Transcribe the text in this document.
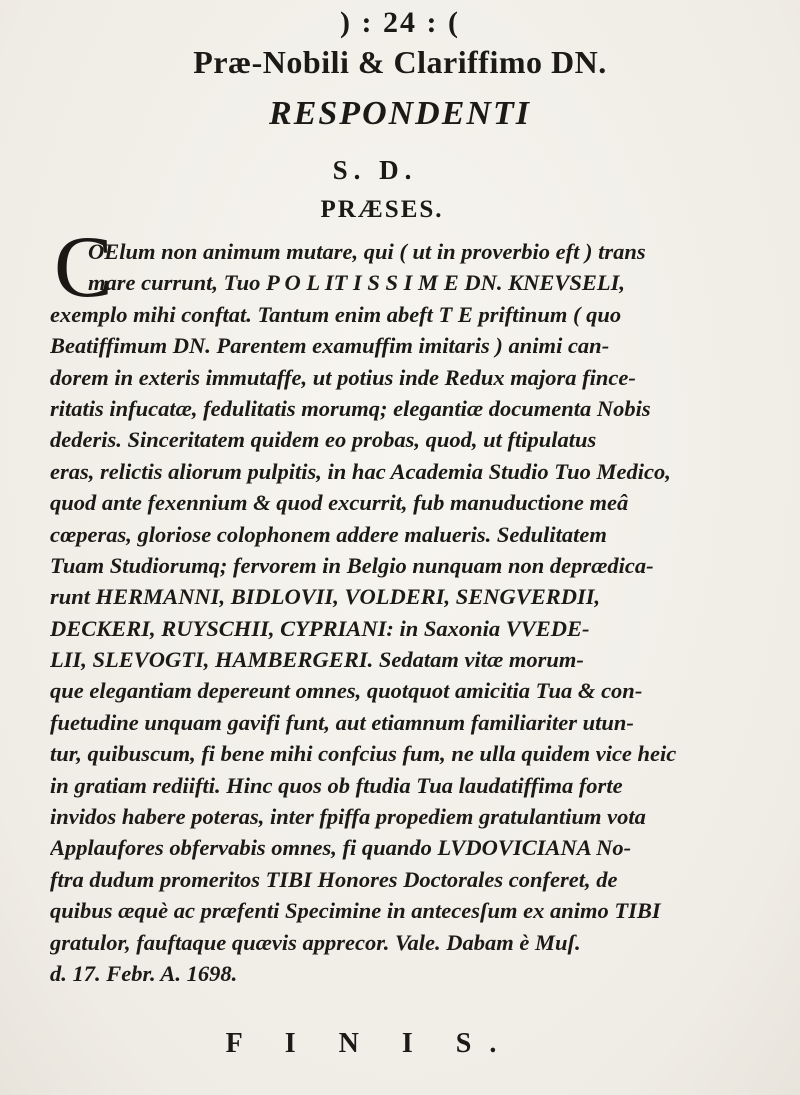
) : 24 : (
Præ-Nobili & Clariffimo DN.
RESPONDENTI
S. D.
PRÆSES.
C
OElum non animum mutare, qui ( ut in proverbio eft ) trans
mare currunt, Tuo P O L IT I S S I M E DN. KNEVSELI,
exemplo mihi conftat. Tantum enim abeft T E priftinum ( quo
Beatiffimum DN. Parentem examuffim imitaris ) animi can-
dorem in exteris immutaffe, ut potius inde Redux majora fince-
ritatis infucatæ, fedulitatis morumq; elegantiæ documenta Nobis
dederis. Sinceritatem quidem eo probas, quod, ut ftipulatus
eras, relictis aliorum pulpitis, in hac Academia Studio Tuo Medico,
quod ante fexennium & quod excurrit, fub manuductione meâ
cœperas, gloriose colophonem addere malueris. Sedulitatem
Tuam Studiorumq; fervorem in Belgio nunquam non deprædica-
runt HERMANNI, BIDLOVII, VOLDERI, SENGVERDII,
DECKERI, RUYSCHII, CYPRIANI: in Saxonia VVEDE-
LII, SLEVOGTI, HAMBERGERI. Sedatam vitæ morum-
que elegantiam depereunt omnes, quotquot amicitia Tua & con-
fuetudine unquam gavifi funt, aut etiamnum familiariter utun-
tur, quibuscum, fi bene mihi confcius fum, ne ulla quidem vice heic
in gratiam rediifti. Hinc quos ob ftudia Tua laudatiffima forte
invidos habere poteras, inter fpiffa propediem gratulantium vota
Applaufores obfervabis omnes, fi quando LVDOVICIANA No-
ftra dudum promeritos TIBI Honores Doctorales conferet, de
quibus æquè ac præfenti Specimine in antecesſum ex animo TIBI
gratulor, fauftaque quævis apprecor. Vale. Dabam è Muſ.
d. 17. Febr. A. 1698.
F I N I S.
